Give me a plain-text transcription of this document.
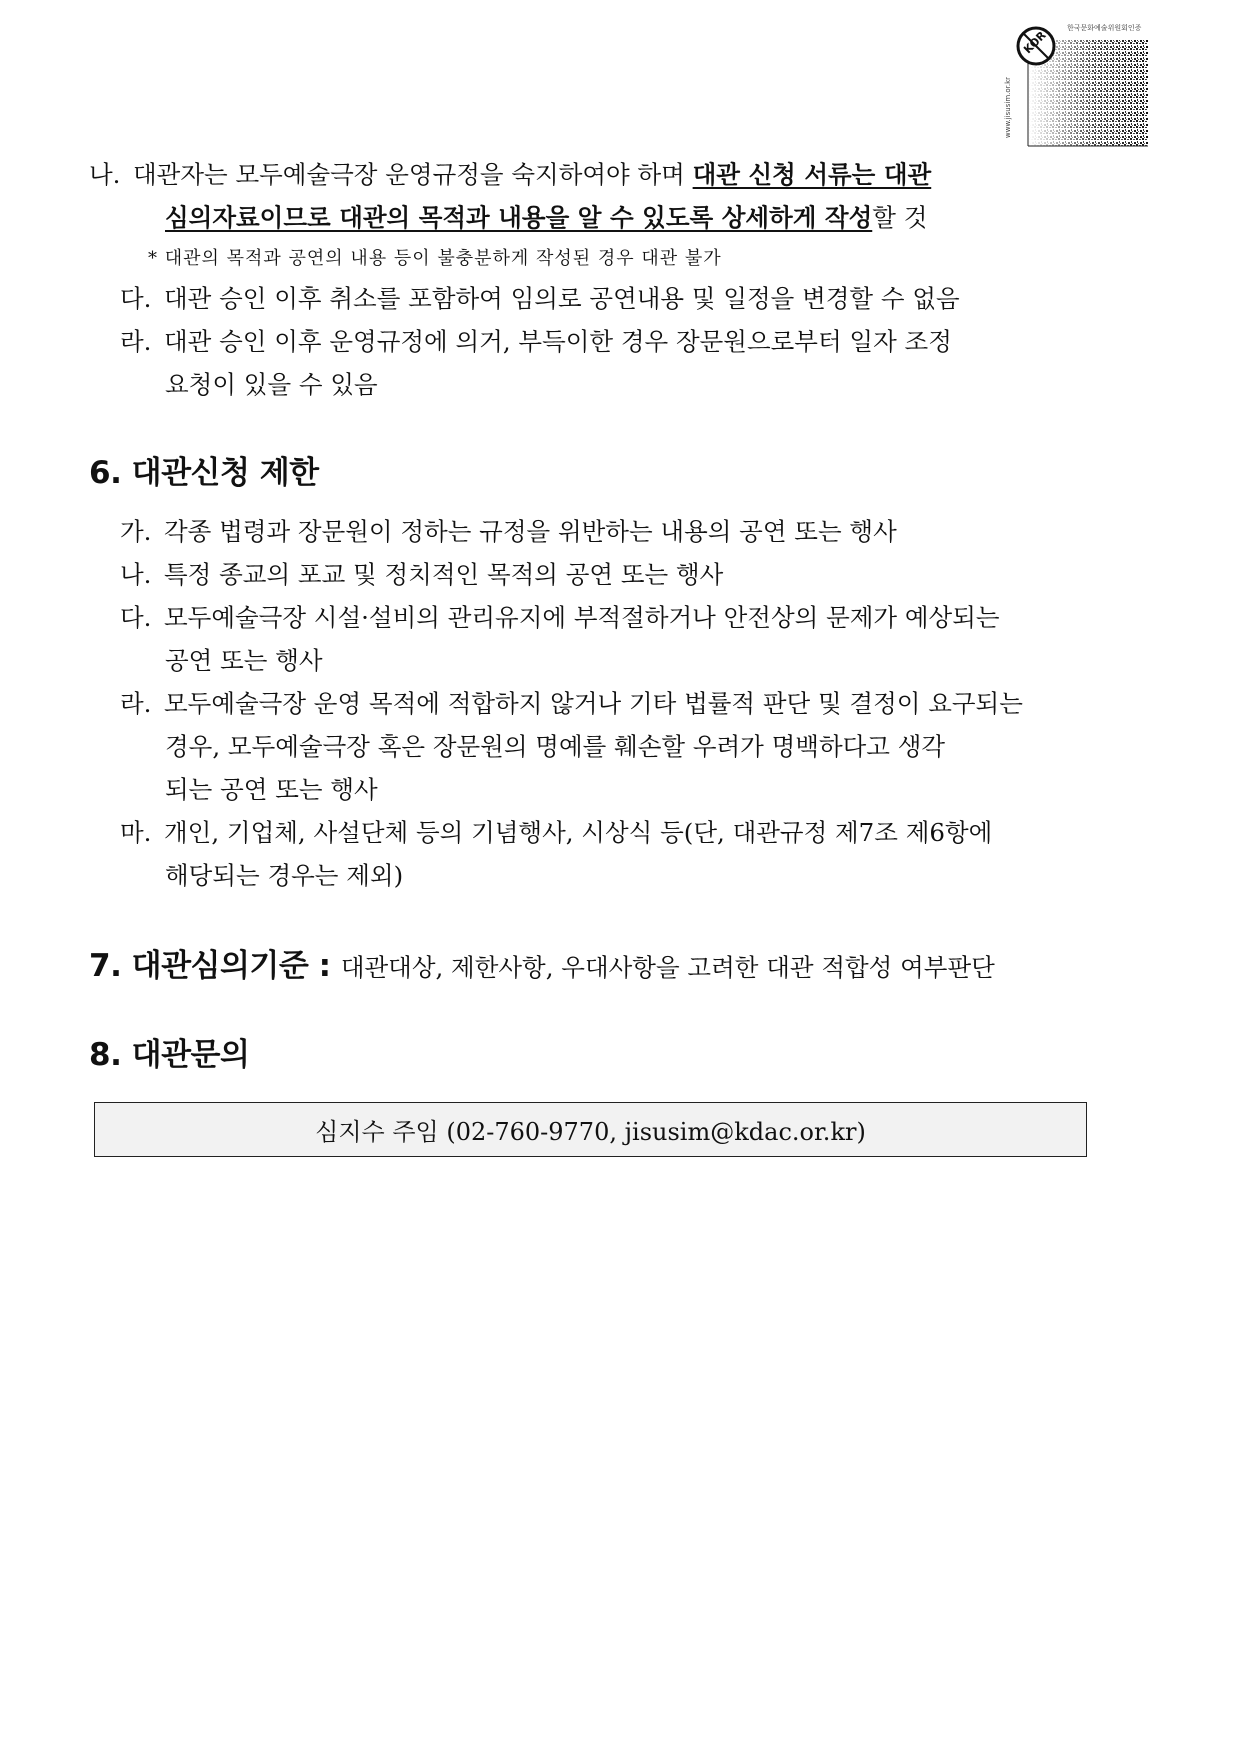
KOR
한국문화예술위원회인증
www.jisusim.or.kr
나. 대관자는 모두예술극장 운영규정을 숙지하여야 하며 대관 신청 서류는 대관
심의자료이므로 대관의 목적과 내용을 알 수 있도록 상세하게 작성할 것
* 대관의 목적과 공연의 내용 등이 불충분하게 작성된 경우 대관 불가
다. 대관 승인 이후 취소를 포함하여 임의로 공연내용 및 일정을 변경할 수 없음
라. 대관 승인 이후 운영규정에 의거, 부득이한 경우 장문원으로부터 일자 조정
요청이 있을 수 있음
6. 대관신청 제한
가. 각종 법령과 장문원이 정하는 규정을 위반하는 내용의 공연 또는 행사
나. 특정 종교의 포교 및 정치적인 목적의 공연 또는 행사
다. 모두예술극장 시설·설비의 관리유지에 부적절하거나 안전상의 문제가 예상되는
공연 또는 행사
라. 모두예술극장 운영 목적에 적합하지 않거나 기타 법률적 판단 및 결정이 요구되는
경우, 모두예술극장 혹은 장문원의 명예를 훼손할 우려가 명백하다고 생각
되는 공연 또는 행사
마. 개인, 기업체, 사설단체 등의 기념행사, 시상식 등(단, 대관규정 제7조 제6항에
해당되는 경우는 제외)
7. 대관심의기준 : 대관대상, 제한사항, 우대사항을 고려한 대관 적합성 여부판단
8. 대관문의
심지수 주임 (02-760-9770, jisusim@kdac.or.kr)
